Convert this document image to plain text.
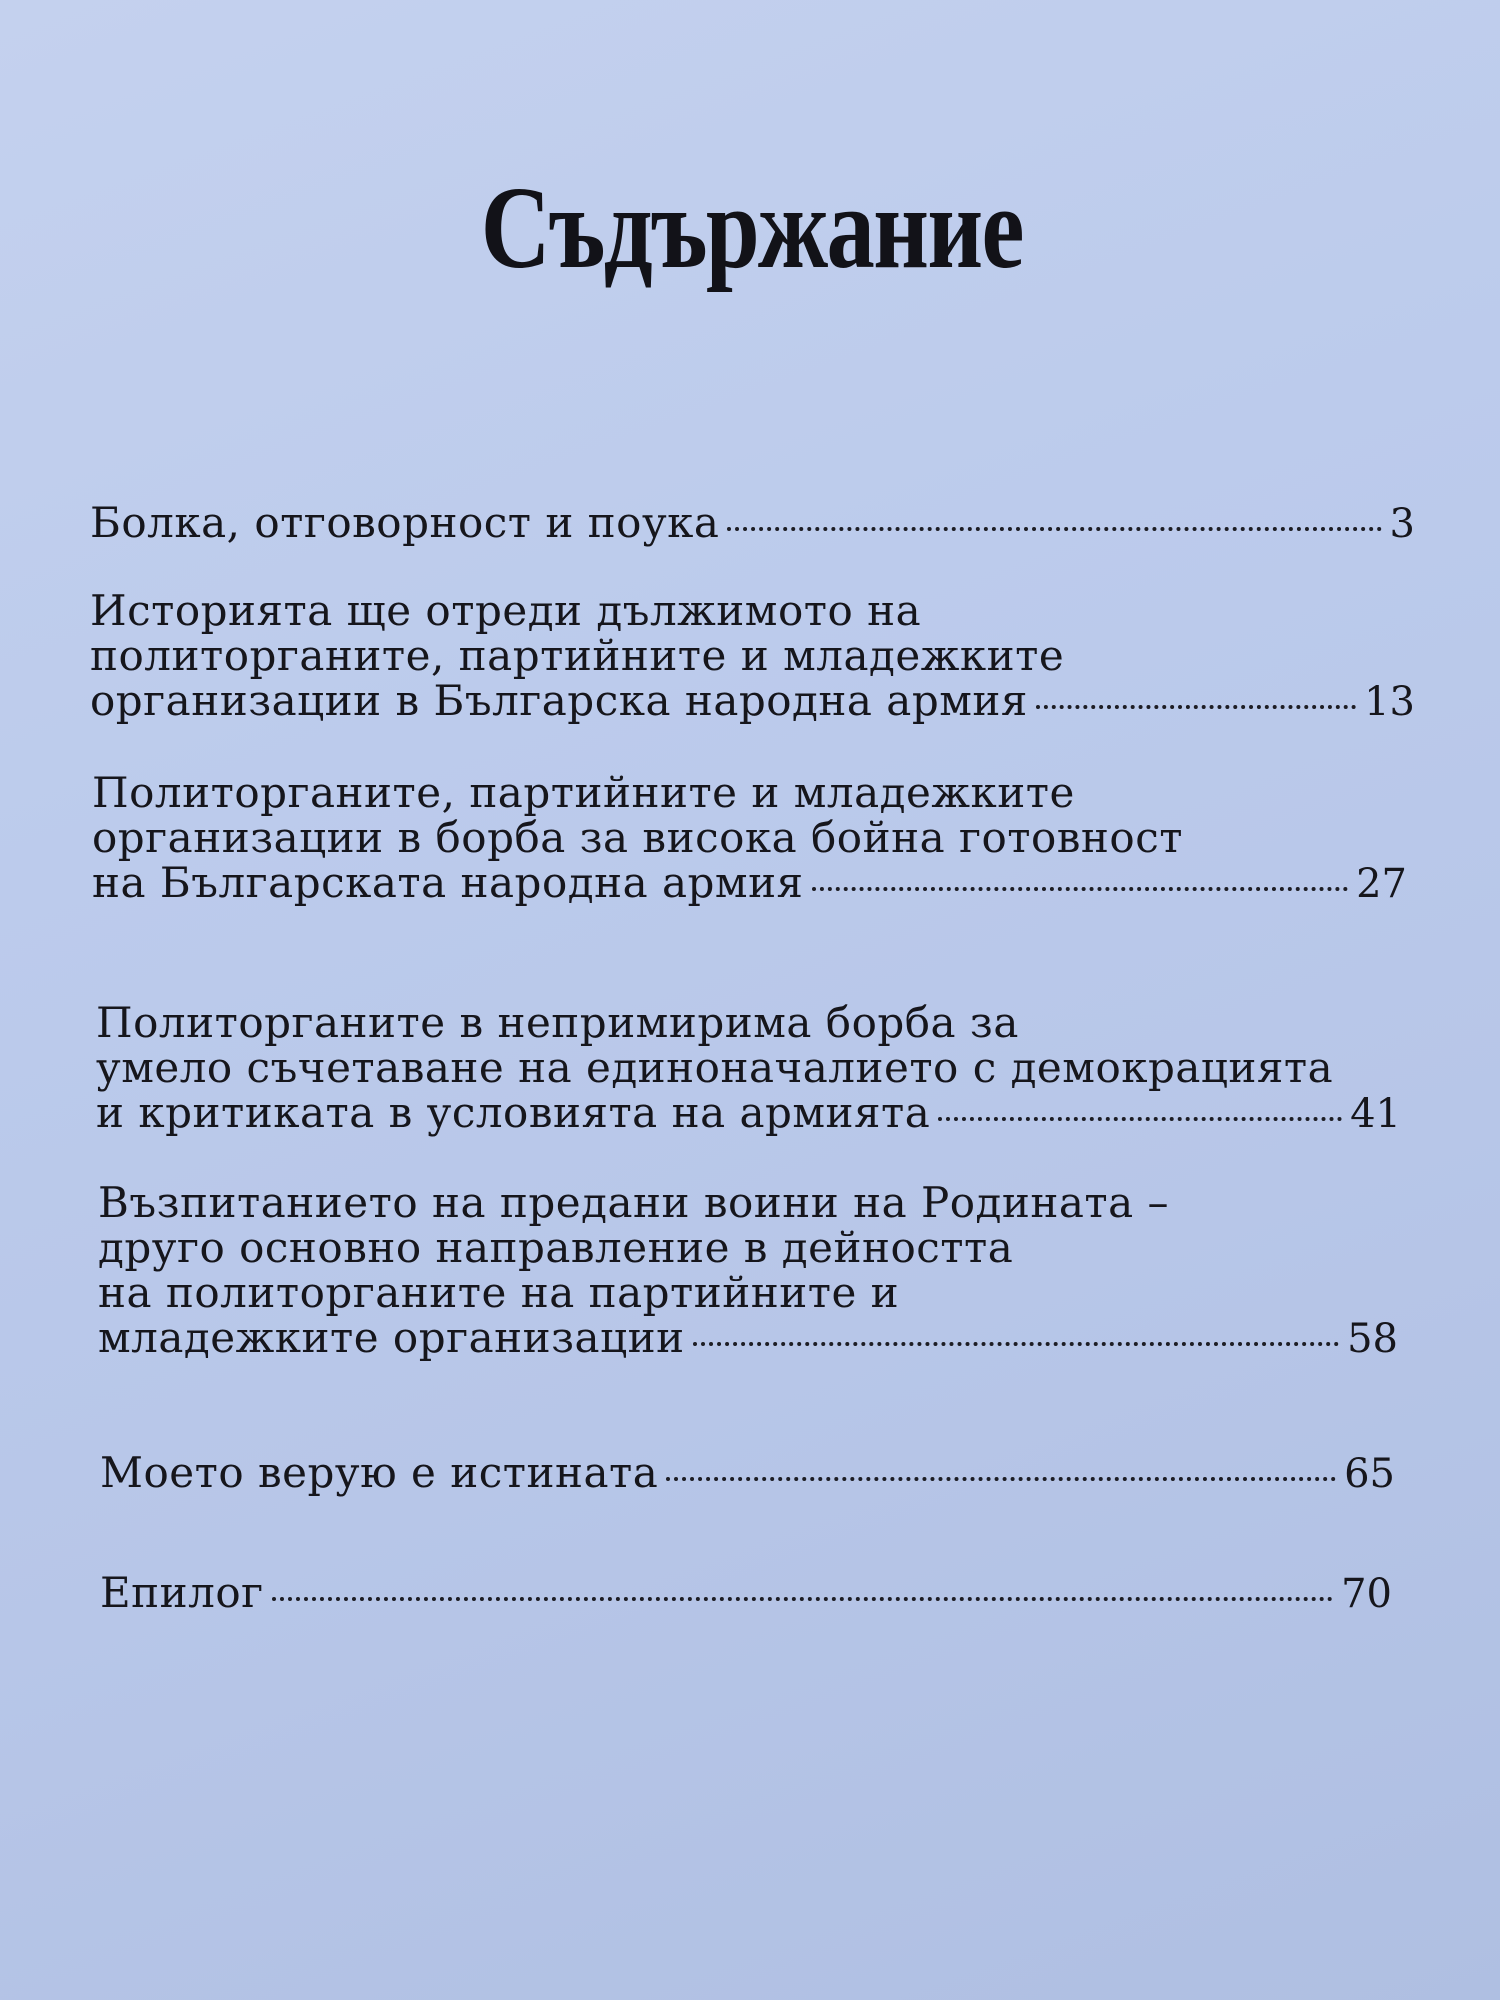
Съдържание
Болка, отговорност и поука	3
Историята ще отреди дължимото на
политорганите, партийните и младежките
организации в Българска народна армия	13
Политорганите, партийните и младежките
организации в борба за висока бойна готовност
на Българската народна армия	27
Политорганите в непримирима борба за
умело съчетаване на единоначалието с демокрацията
и критиката в условията на армията	41
Възпитанието на предани воини на Родината –
друго основно направление в дейността
на политорганите на партийните и
младежките организации	58
Моето верую е истината	65
Епилог	70
